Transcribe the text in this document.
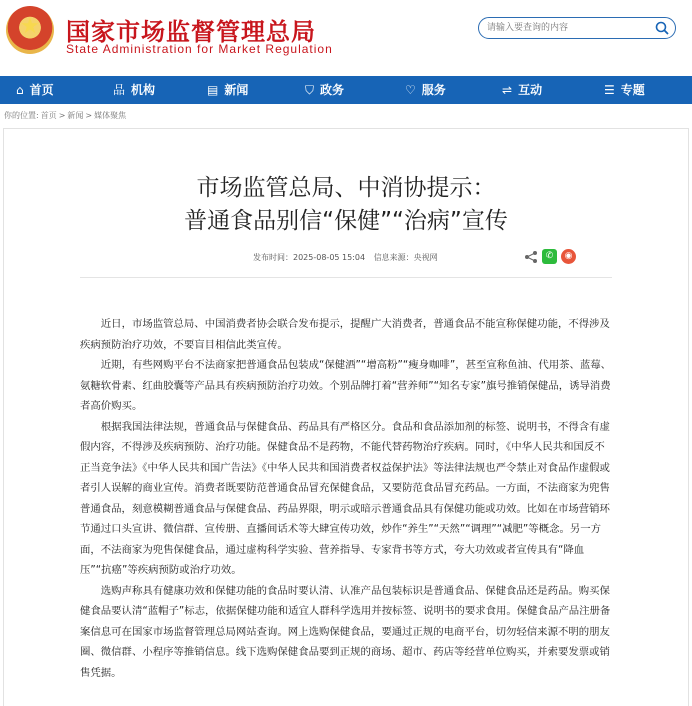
★	国家市场监督管理总局
State Administration for Market Regulation
请输入要查询的内容
⌂ 首页	品 机构	▤ 新闻	⛉ 政务	♡ 服务	⇌ 互动	☰ 专题
你的位置: 首页 > 新闻 > 媒体聚焦
市场监管总局、中消协提示：
普通食品别信“保健”“治病”宣传
发布时间：2025-08-05 15:04 信息来源：央视网	✆	◉

近日，市场监管总局、中国消费者协会联合发布提示，提醒广大消费者，普通食品不能宣称保健功能，不得涉及疾病预防治疗功效，不要盲目相信此类宣传。

近期，有些网购平台不法商家把普通食品包装成“保健酒”“增高粉”“瘦身咖啡”，甚至宣称鱼油、代用茶、蓝莓、氨糖软骨素、红曲胶囊等产品具有疾病预防治疗功效。个别品牌打着“营养师”“知名专家”旗号推销保健品，诱导消费者高价购买。

根据我国法律法规，普通食品与保健食品、药品具有严格区分。食品和食品添加剂的标签、说明书，不得含有虚假内容，不得涉及疾病预防、治疗功能。保健食品不是药物，不能代替药物治疗疾病。同时，《中华人民共和国反不正当竞争法》《中华人民共和国广告法》《中华人民共和国消费者权益保护法》等法律法规也严令禁止对食品作虚假或者引人误解的商业宣传。消费者既要防范普通食品冒充保健食品，又要防范食品冒充药品。一方面，不法商家为兜售普通食品，刻意模糊普通食品与保健食品、药品界限，明示或暗示普通食品具有保健功能或功效。比如在市场营销环节通过口头宣讲、微信群、宣传册、直播间话术等大肆宣传功效，炒作“养生”“天然”“调理”“减肥”等概念。另一方面，不法商家为兜售保健食品，通过虚构科学实验、营养指导、专家背书等方式，夸大功效或者宣传具有“降血压”“抗癌”等疾病预防或治疗功效。

选购声称具有健康功效和保健功能的食品时要认清、认准产品包装标识是普通食品、保健食品还是药品。购买保健食品要认清“蓝帽子”标志，依据保健功能和适宜人群科学选用并按标签、说明书的要求食用。保健食品产品注册备案信息可在国家市场监督管理总局网站查询。网上选购保健食品，要通过正规的电商平台，切勿轻信来源不明的朋友圈、微信群、小程序等推销信息。线下选购保健食品要到正规的商场、超市、药店等经营单位购买，并索要发票或销售凭据。
